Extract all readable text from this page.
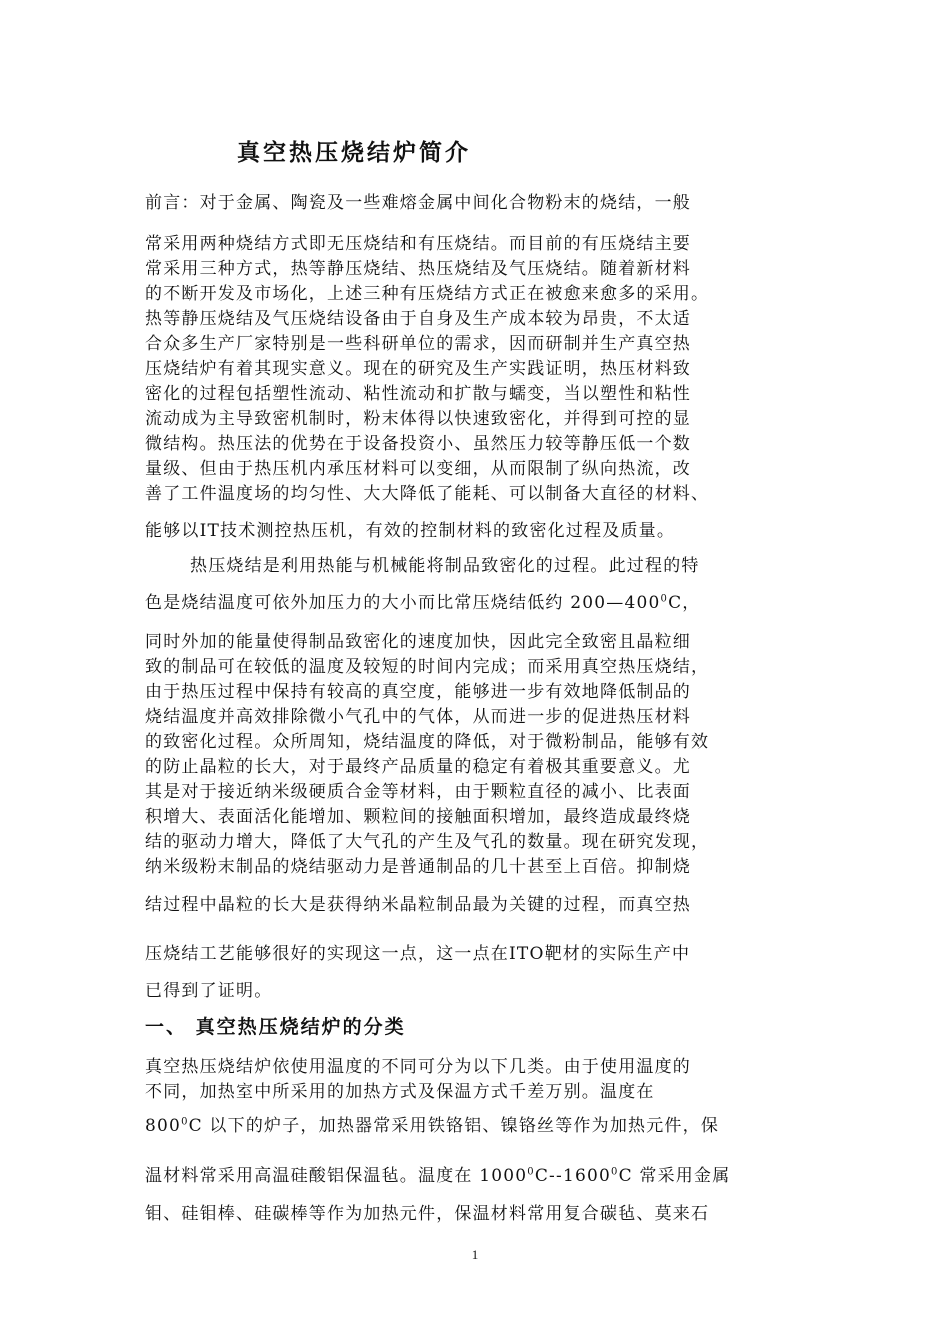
真空热压烧结炉简介
前言：对于金属、陶瓷及一些难熔金属中间化合物粉末的烧结，一般
常采用两种烧结方式即无压烧结和有压烧结。而目前的有压烧结主要
常采用三种方式，热等静压烧结、热压烧结及气压烧结。随着新材料
的不断开发及市场化，上述三种有压烧结方式正在被愈来愈多的采用。
热等静压烧结及气压烧结设备由于自身及生产成本较为昂贵，不太适
合众多生产厂家特别是一些科研单位的需求，因而研制并生产真空热
压烧结炉有着其现实意义。现在的研究及生产实践证明，热压材料致
密化的过程包括塑性流动、粘性流动和扩散与蠕变，当以塑性和粘性
流动成为主导致密机制时，粉末体得以快速致密化，并得到可控的显
微结构。热压法的优势在于设备投资小、虽然压力较等静压低一个数
量级、但由于热压机内承压材料可以变细，从而限制了纵向热流，改
善了工件温度场的均匀性、大大降低了能耗、可以制备大直径的材料、
能够以IT技术测控热压机，有效的控制材料的致密化过程及质量。
热压烧结是利用热能与机械能将制品致密化的过程。此过程的特
色是烧结温度可依外加压力的大小而比常压烧结低约 $200—400^0C$，
同时外加的能量使得制品致密化的速度加快，因此完全致密且晶粒细
致的制品可在较低的温度及较短的时间内完成；而采用真空热压烧结，
由于热压过程中保持有较高的真空度，能够进一步有效地降低制品的
烧结温度并高效排除微小气孔中的气体，从而进一步的促进热压材料
的致密化过程。众所周知，烧结温度的降低，对于微粉制品，能够有效
的防止晶粒的长大，对于最终产品质量的稳定有着极其重要意义。尤
其是对于接近纳米级硬质合金等材料，由于颗粒直径的减小、比表面
积增大、表面活化能增加、颗粒间的接触面积增加，最终造成最终烧
结的驱动力增大，降低了大气孔的产生及气孔的数量。现在研究发现，
纳米级粉末制品的烧结驱动力是普通制品的几十甚至上百倍。抑制烧
结过程中晶粒的长大是获得纳米晶粒制品最为关键的过程，而真空热
压烧结工艺能够很好的实现这一点，这一点在ITO靶材的实际生产中
已得到了证明。
一、 真空热压烧结炉的分类
真空热压烧结炉依使用温度的不同可分为以下几类。由于使用温度的
不同，加热室中所采用的加热方式及保温方式千差万别。温度在
$800^0C$ 以下的炉子，加热器常采用铁铬铝、镍铬丝等作为加热元件，保
温材料常采用高温硅酸铝保温毡。温度在 1000$^0$C--1600$^0$C 常采用金属
钼、硅钼棒、硅碳棒等作为加热元件，保温材料常用复合碳毡、莫来石
1
